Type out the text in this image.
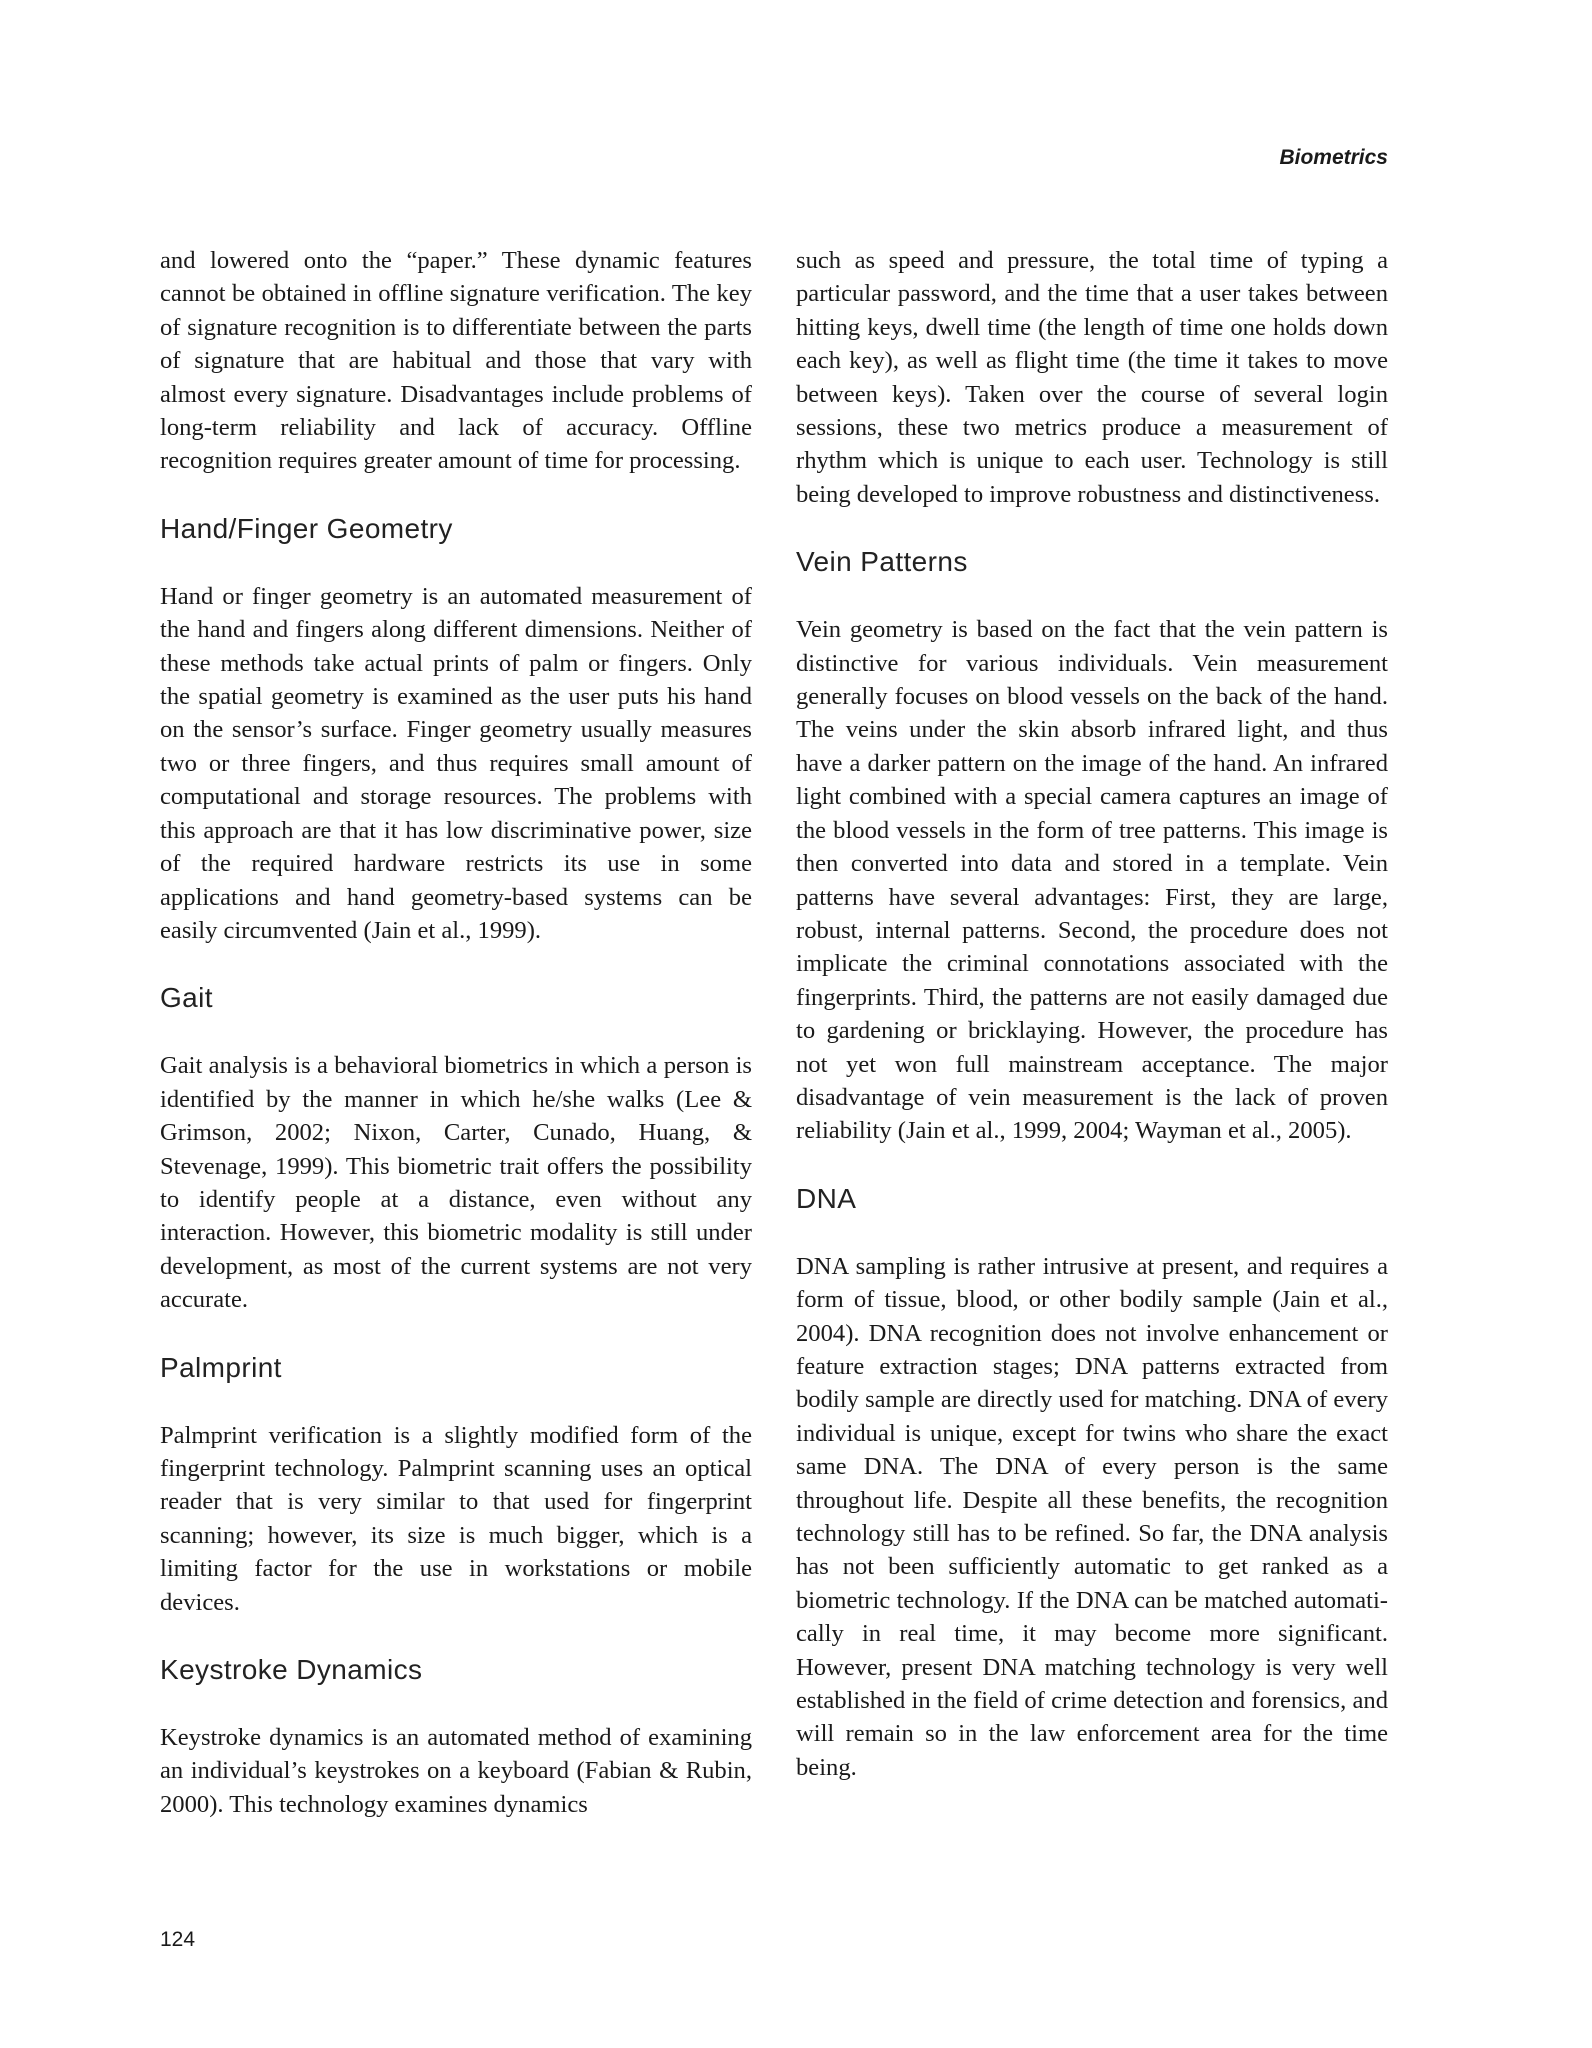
Biometrics

and lowered onto the “paper.” These dynamic features cannot be obtained in offline signature verification. The key of signature recognition is to differentiate between the parts of signature that are habitual and those that vary with almost every signature. Disadvantages include problems of long-term reliability and lack of accuracy. Offline recognition requires greater amount of time for processing.

Hand/Finger Geometry

Hand or finger geometry is an automated measurement of the hand and fingers along different dimensions. Neither of these methods take actual prints of palm or fingers. Only the spatial geometry is examined as the user puts his hand on the sensor’s surface. Finger geometry usually measures two or three fingers, and thus requires small amount of computational and storage resources. The problems with this approach are that it has low discriminative power, size of the required hardware restricts its use in some applications and hand geometry-based systems can be easily circumvented (Jain et al., 1999).

Gait

Gait analysis is a behavioral biometrics in which a person is identified by the manner in which he/she walks (Lee & Grimson, 2002; Nixon, Carter, Cunado, Huang, & Stevenage, 1999). This biometric trait offers the possibility to identify people at a distance, even without any interaction. However, this biometric modality is still under development, as most of the current systems are not very accurate.

Palmprint

Palmprint verification is a slightly modified form of the fingerprint technology. Palmprint scanning uses an optical reader that is very similar to that used for fingerprint scanning; however, its size is much bigger, which is a limiting factor for the use in workstations or mobile devices.

Keystroke Dynamics

Keystroke dynamics is an automated method of examining an individual’s keystrokes on a keyboard (Fabian & Rubin, 2000). This technology examines dynamics

such as speed and pressure, the total time of typing a particular password, and the time that a user takes between hitting keys, dwell time (the length of time one holds down each key), as well as flight time (the time it takes to move between keys). Taken over the course of several login sessions, these two metrics produce a measurement of rhythm which is unique to each user. Technology is still being developed to improve robustness and distinctiveness.

Vein Patterns

Vein geometry is based on the fact that the vein pattern is distinctive for various individuals. Vein measurement generally focuses on blood vessels on the back of the hand. The veins under the skin absorb infrared light, and thus have a darker pattern on the image of the hand. An infrared light combined with a special camera captures an image of the blood vessels in the form of tree patterns. This image is then converted into data and stored in a template. Vein patterns have several advantages: First, they are large, robust, internal patterns. Second, the procedure does not implicate the criminal connotations associated with the fingerprints. Third, the patterns are not easily damaged due to gardening or bricklaying. However, the procedure has not yet won full mainstream acceptance. The major disadvantage of vein measurement is the lack of proven reliability (Jain et al., 1999, 2004; Wayman et al., 2005).

DNA

DNA sampling is rather intrusive at present, and requires a form of tissue, blood, or other bodily sample (Jain et al., 2004). DNA recognition does not involve enhancement or feature extraction stages; DNA patterns extracted from bodily sample are directly used for matching. DNA of every individual is unique, except for twins who share the exact same DNA. The DNA of every person is the same throughout life. Despite all these benefits, the recognition technology still has to be refined. So far, the DNA analysis has not been sufficiently automatic to get ranked as a biometric technology. If the DNA can be matched automatically in real time, it may become more significant. However, present DNA matching technology is very well established in the field of crime detection and forensics, and will remain so in the law enforcement area for the time being.

124
